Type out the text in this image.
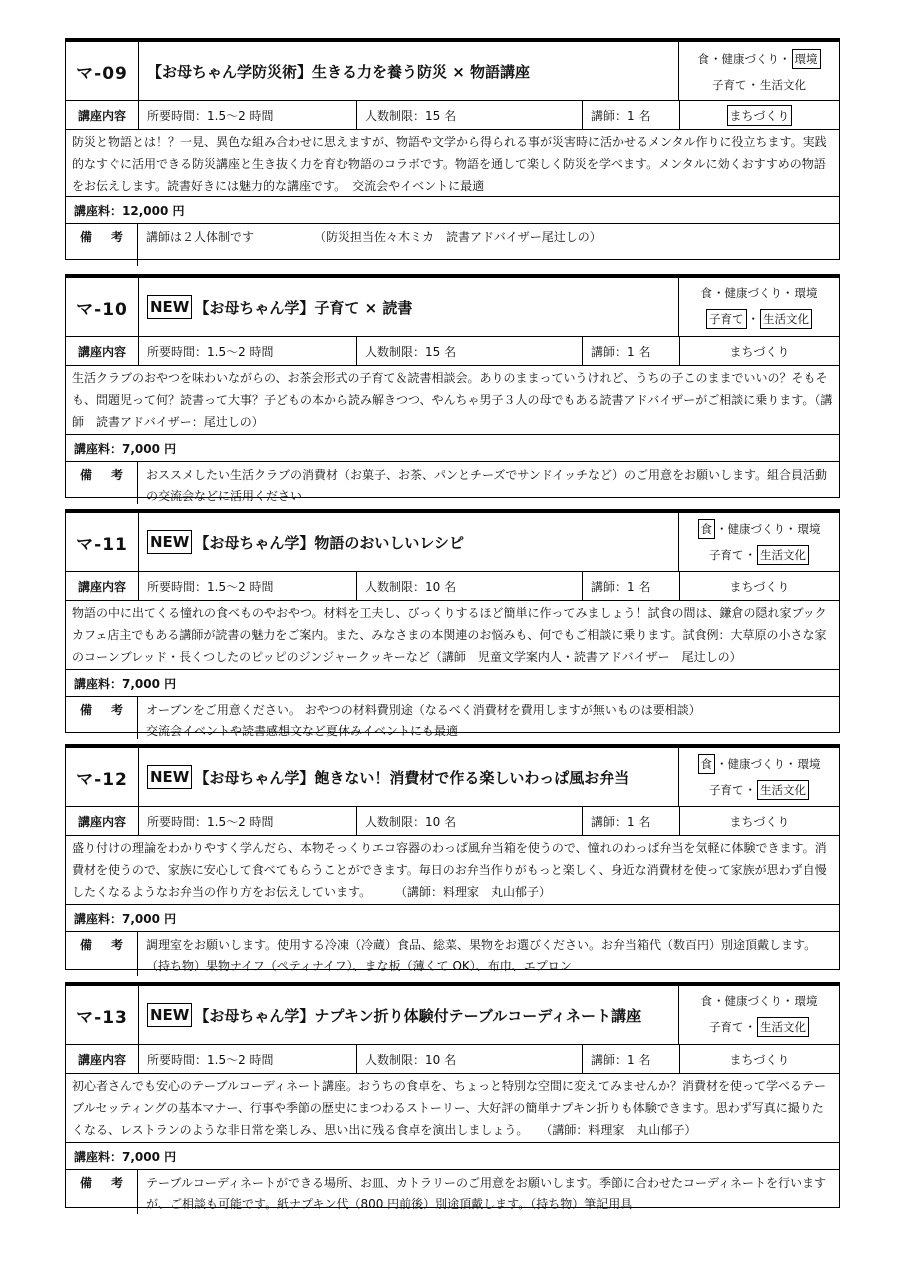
マ-09	【お母ちゃん学防災術】生きる力を養う防災 × 物語講座
食 ・健康づくり・ 環境
子育て ・ 生活文化
講座内容	所要時間：1.5～2 時間	人数制限：15 名	講師：1 名	まちづくり
防災と物語とは！？一見、異色な組み合わせに思えますが、物語や文学から得られる事が災害時に活かせるメンタル作りに役立ちます。実践的なすぐに活用できる防災講座と生き抜く力を育む物語のコラボです。物語を通して楽しく防災を学べます。メンタルに効くおすすめの物語をお伝えします。読書好きには魅力的な講座です。　交流会やイベントに最適
講座料： 12,000 円
備 考	講師は２人体制です	（防災担当佐々木ミカ　読書アドバイザー尾辻しの）
マ-10	NEW 【お母ちゃん学】子育て × 読書
食 ・健康づくり・ 環境
子育て ・ 生活文化
講座内容	所要時間：1.5～2 時間	人数制限：15 名	講師：1 名	まちづくり
生活クラブのおやつを味わいながらの、お茶会形式の子育て＆読書相談会。ありのままっていうけれど、うちの子このままでいいの？そもそも、問題児って何？読書って大事？子どもの本から読み解きつつ、やんちゃ男子３人の母でもある読書アドバイザーがご相談に乗ります。（講師　読書アドバイザー：尾辻しの）
講座料： 7,000 円
備 考	おススメしたい生活クラブの消費材（お菓子、お茶、パンとチーズでサンドイッチなど）のご用意をお願いします。組合員活動の交流会などに活用ください
マ-11	NEW 【お母ちゃん学】物語のおいしいレシピ
食 ・健康づくり・ 環境
子育て ・ 生活文化
講座内容	所要時間：1.5～2 時間	人数制限：10 名	講師：1 名	まちづくり
物語の中に出てくる憧れの食べものやおやつ。材料を工夫し、びっくりするほど簡単に作ってみましょう！試食の間は、鎌倉の隠れ家ブックカフェ店主でもある講師が読書の魅力をご案内。また、みなさまの本関連のお悩みも、何でもご相談に乗ります。試食例：大草原の小さな家のコーンブレッド・長くつしたのピッピのジンジャークッキーなど（講師　児童文学案内人・読書アドバイザー　尾辻しの）
講座料： 7,000 円
備 考 オーブンをご用意ください。 おやつの材料費別途（なるべく消費材を費用しますが無いものは要相談）
交流会イベントや読書感想文など夏休みイベントにも最適
マ-12	NEW 【お母ちゃん学】飽きない！消費材で作る楽しいわっぱ風お弁当
食 ・健康づくり・ 環境
子育て ・ 生活文化
講座内容	所要時間：1.5～2 時間	人数制限：10 名	講師：1 名	まちづくり
盛り付けの理論をわかりやすく学んだら、本物そっくりエコ容器のわっぱ風弁当箱を使うので、憧れのわっぱ弁当を気軽に体験できます。消費材を使うので、家族に安心して食べてもらうことができます。毎日のお弁当作りがもっと楽しく、身近な消費材を使って家族が思わず自慢したくなるようなお弁当の作り方をお伝えしています。　　　（講師：料理家　丸山郁子）
講座料： 7,000 円
備 考	調理室をお願いします。使用する冷凍（冷蔵）食品、総菜、果物をお選びください。お弁当箱代（数百円）別途頂戴します。（持ち物）果物ナイフ（ペティナイフ）、まな板（薄くて OK）、布巾、エプロン
マ-13	NEW 【お母ちゃん学】ナプキン折り体験付テーブルコーディネート講座
食 ・健康づくり・ 環境
子育て ・ 生活文化
講座内容	所要時間：1.5～2 時間	人数制限：10 名	講師：1 名	まちづくり
初心者さんでも安心のテーブルコーディネート講座。おうちの食卓を、ちょっと特別な空間に変えてみませんか？消費材を使って学べるテーブルセッティングの基本マナー、行事や季節の歴史にまつわるストーリー、大好評の簡単ナプキン折りも体験できます。思わず写真に撮りたくなる、レストランのような非日常を楽しみ、思い出に残る食卓を演出しましょう。　　（講師：料理家　丸山郁子）
講座料： 7,000 円
備 考	テーブルコーディネートができる場所、お皿、カトラリーのご用意をお願いします。季節に合わせたコーディネートを行いますが、ご相談も可能です。紙ナプキン代（800 円前後）別途頂戴します。（持ち物）筆記用具
